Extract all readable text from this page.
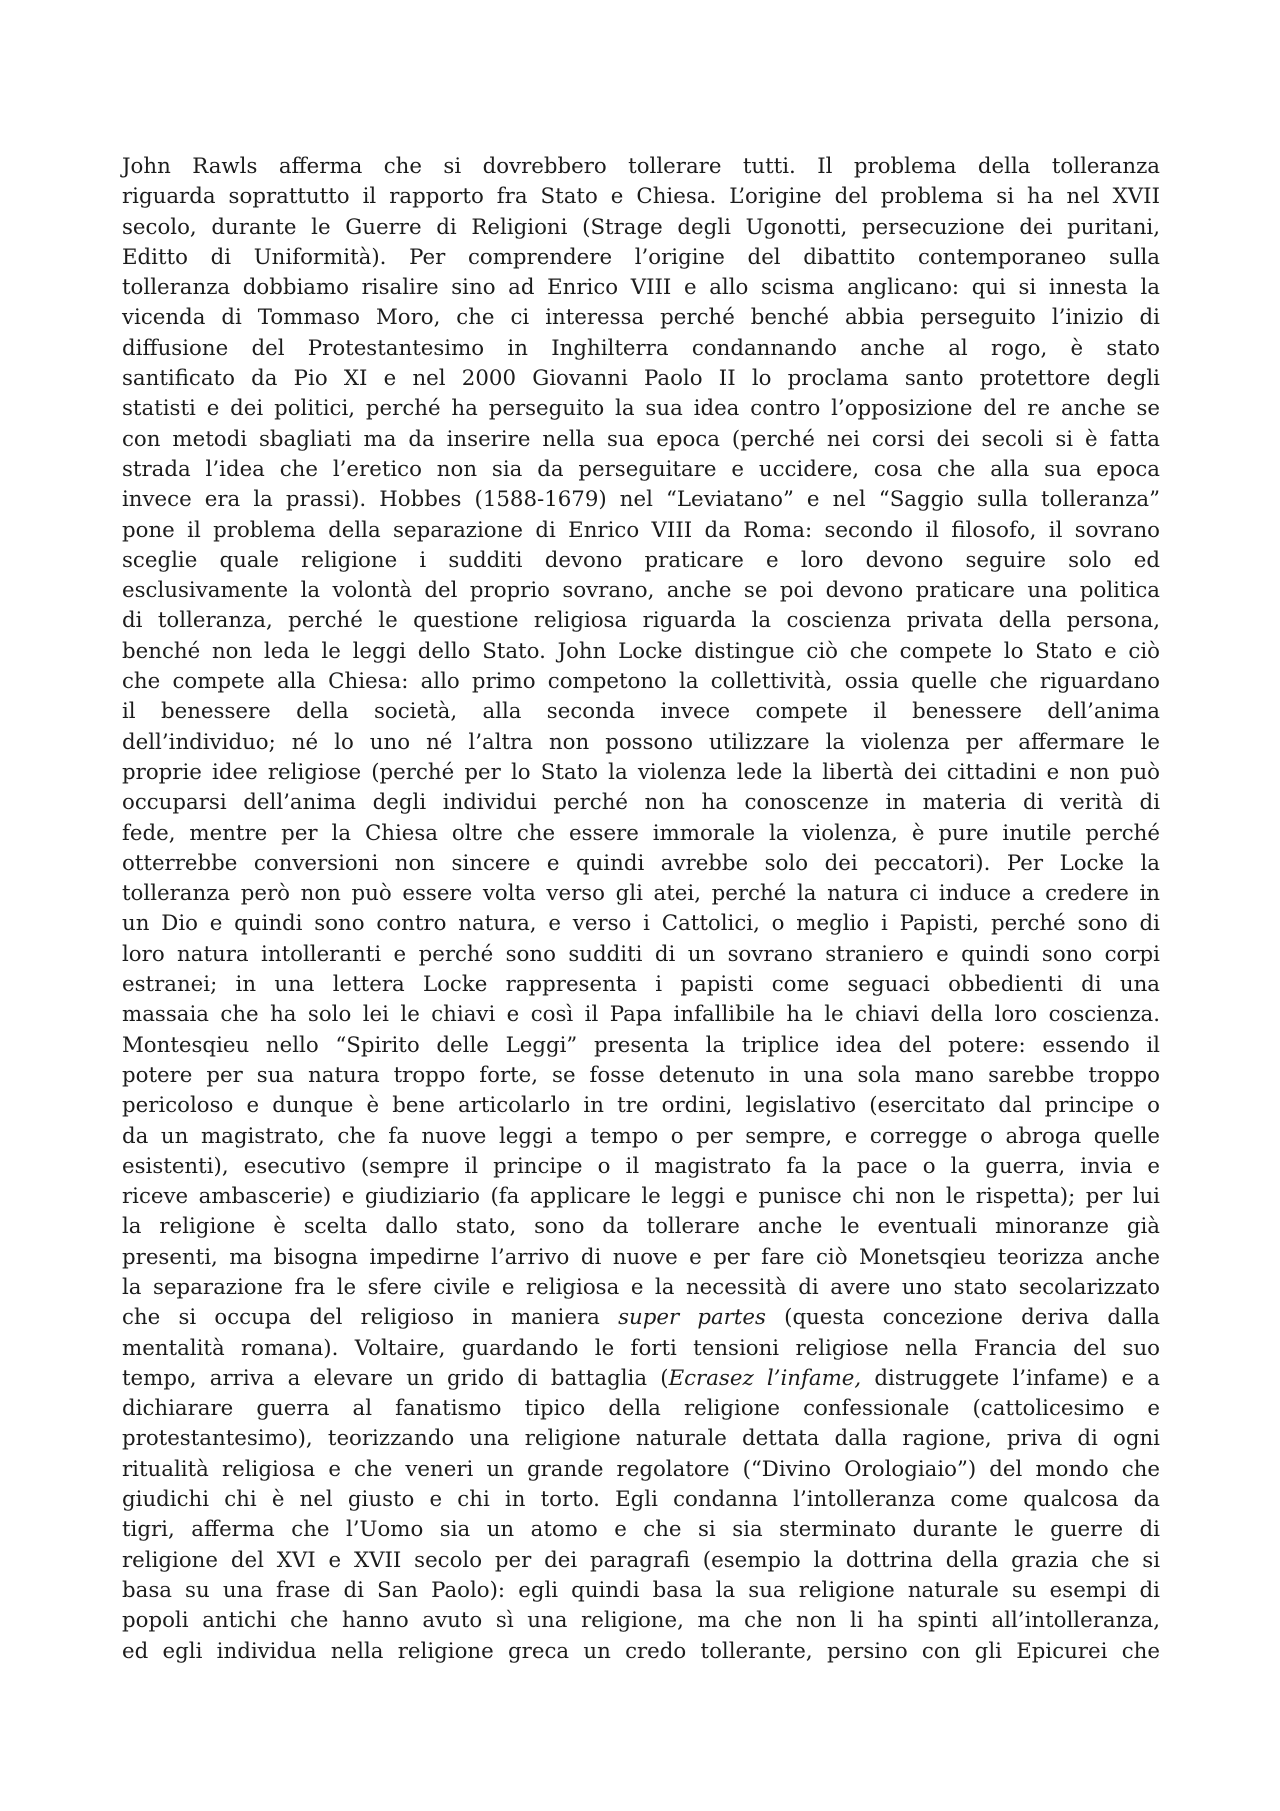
John Rawls afferma che si dovrebbero tollerare tutti. Il problema della tolleranza
riguarda soprattutto il rapporto fra Stato e Chiesa. L’origine del problema si ha nel XVII
secolo, durante le Guerre di Religioni (Strage degli Ugonotti, persecuzione dei puritani,
Editto di Uniformità). Per comprendere l’origine del dibattito contemporaneo sulla
tolleranza dobbiamo risalire sino ad Enrico VIII e allo scisma anglicano: qui si innesta la
vicenda di Tommaso Moro, che ci interessa perché benché abbia perseguito l’inizio di
diffusione del Protestantesimo in Inghilterra condannando anche al rogo, è stato
santificato da Pio XI e nel 2000 Giovanni Paolo II lo proclama santo protettore degli
statisti e dei politici, perché ha perseguito la sua idea contro l’opposizione del re anche se
con metodi sbagliati ma da inserire nella sua epoca (perché nei corsi dei secoli si è fatta
strada l’idea che l’eretico non sia da perseguitare e uccidere, cosa che alla sua epoca
invece era la prassi). Hobbes (1588-1679) nel “Leviatano” e nel “Saggio sulla tolleranza”
pone il problema della separazione di Enrico VIII da Roma: secondo il filosofo, il sovrano
sceglie quale religione i sudditi devono praticare e loro devono seguire solo ed
esclusivamente la volontà del proprio sovrano, anche se poi devono praticare una politica
di tolleranza, perché le questione religiosa riguarda la coscienza privata della persona,
benché non leda le leggi dello Stato. John Locke distingue ciò che compete lo Stato e ciò
che compete alla Chiesa: allo primo competono la collettività, ossia quelle che riguardano
il benessere della società, alla seconda invece compete il benessere dell’anima
dell’individuo; né lo uno né l’altra non possono utilizzare la violenza per affermare le
proprie idee religiose (perché per lo Stato la violenza lede la libertà dei cittadini e non può
occuparsi dell’anima degli individui perché non ha conoscenze in materia di verità di
fede, mentre per la Chiesa oltre che essere immorale la violenza, è pure inutile perché
otterrebbe conversioni non sincere e quindi avrebbe solo dei peccatori). Per Locke la
tolleranza però non può essere volta verso gli atei, perché la natura ci induce a credere in
un Dio e quindi sono contro natura, e verso i Cattolici, o meglio i Papisti, perché sono di
loro natura intolleranti e perché sono sudditi di un sovrano straniero e quindi sono corpi
estranei; in una lettera Locke rappresenta i papisti come seguaci obbedienti di una
massaia che ha solo lei le chiavi e così il Papa infallibile ha le chiavi della loro coscienza.
Montesqieu nello “Spirito delle Leggi” presenta la triplice idea del potere: essendo il
potere per sua natura troppo forte, se fosse detenuto in una sola mano sarebbe troppo
pericoloso e dunque è bene articolarlo in tre ordini, legislativo (esercitato dal principe o
da un magistrato, che fa nuove leggi a tempo o per sempre, e corregge o abroga quelle
esistenti), esecutivo (sempre il principe o il magistrato fa la pace o la guerra, invia e
riceve ambascerie) e giudiziario (fa applicare le leggi e punisce chi non le rispetta); per lui
la religione è scelta dallo stato, sono da tollerare anche le eventuali minoranze già
presenti, ma bisogna impedirne l’arrivo di nuove e per fare ciò Monetsqieu teorizza anche
la separazione fra le sfere civile e religiosa e la necessità di avere uno stato secolarizzato
che si occupa del religioso in maniera super partes (questa concezione deriva dalla
mentalità romana). Voltaire, guardando le forti tensioni religiose nella Francia del suo
tempo, arriva a elevare un grido di battaglia (Ecrasez l’infame, distruggete l’infame) e a
dichiarare guerra al fanatismo tipico della religione confessionale (cattolicesimo e
protestantesimo), teorizzando una religione naturale dettata dalla ragione, priva di ogni
ritualità religiosa e che veneri un grande regolatore (“Divino Orologiaio”) del mondo che
giudichi chi è nel giusto e chi in torto. Egli condanna l’intolleranza come qualcosa da
tigri, afferma che l’Uomo sia un atomo e che si sia sterminato durante le guerre di
religione del XVI e XVII secolo per dei paragrafi (esempio la dottrina della grazia che si
basa su una frase di San Paolo): egli quindi basa la sua religione naturale su esempi di
popoli antichi che hanno avuto sì una religione, ma che non li ha spinti all’intolleranza,
ed egli individua nella religione greca un credo tollerante, persino con gli Epicurei che
